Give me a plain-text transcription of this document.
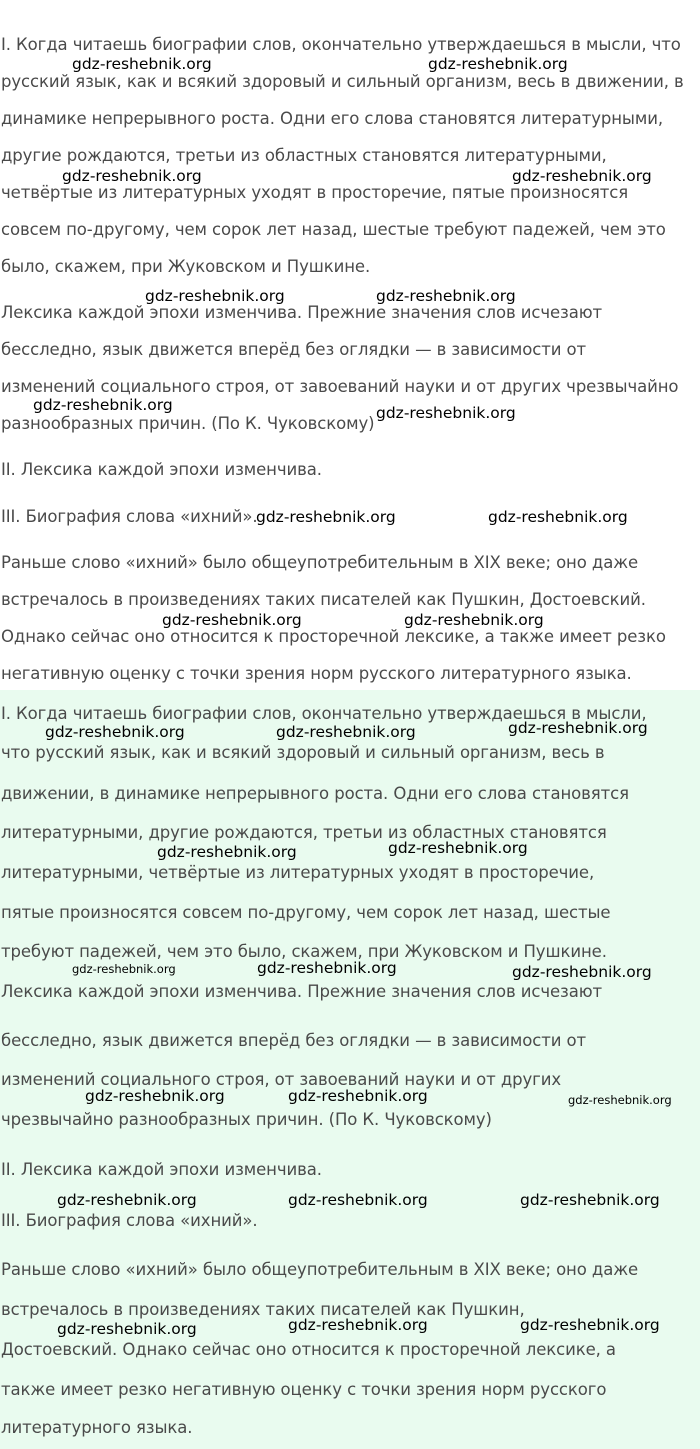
I. Когда читаешь биографии слов, окончательно утверждаешься в мысли, что
русский язык, как и всякий здоровый и сильный организм, весь в движении, в
динамике непрерывного роста. Одни его слова становятся литературными,
другие рождаются, третьи из областных становятся литературными,
четвёртые из литературных уходят в просторечие, пятые произносятся
совсем по-другому, чем сорок лет назад, шестые требуют падежей, чем это
было, скажем, при Жуковском и Пушкине.
Лексика каждой эпохи изменчива. Прежние значения слов исчезают
бесследно, язык движется вперёд без оглядки — в зависимости от
изменений социального строя, от завоеваний науки и от других чрезвычайно
разнообразных причин. (По К. Чуковскому)
II. Лексика каждой эпохи изменчива.
III. Биография слова «ихний».
Раньше слово «ихний» было общеупотребительным в XIX веке; оно даже
встречалось в произведениях таких писателей как Пушкин, Достоевский.
Однако сейчас оно относится к просторечной лексике, а также имеет резко
негативную оценку с точки зрения норм русского литературного языка.
gdz-reshebnik.org	gdz-reshebnik.org
gdz-reshebnik.org	gdz-reshebnik.org
gdz-reshebnik.org	gdz-reshebnik.org
gdz-reshebnik.org	gdz-reshebnik.org
gdz-reshebnik.org	gdz-reshebnik.org
gdz-reshebnik.org	gdz-reshebnik.org
I. Когда читаешь биографии слов, окончательно утверждаешься в мысли,
что русский язык, как и всякий здоровый и сильный организм, весь в
движении, в динамике непрерывного роста. Одни его слова становятся
литературными, другие рождаются, третьи из областных становятся
литературными, четвёртые из литературных уходят в просторечие,
пятые произносятся совсем по-другому, чем сорок лет назад, шестые
требуют падежей, чем это было, скажем, при Жуковском и Пушкине.
Лексика каждой эпохи изменчива. Прежние значения слов исчезают
бесследно, язык движется вперёд без оглядки — в зависимости от
изменений социального строя, от завоеваний науки и от других
чрезвычайно разнообразных причин. (По К. Чуковскому)
II. Лексика каждой эпохи изменчива.
III. Биография слова «ихний».
Раньше слово «ихний» было общеупотребительным в XIX веке; оно даже
встречалось в произведениях таких писателей как Пушкин,
Достоевский. Однако сейчас оно относится к просторечной лексике, а
также имеет резко негативную оценку с точки зрения норм русского
литературного языка.
gdz-reshebnik.org	gdz-reshebnik.org	gdz-reshebnik.org
gdz-reshebnik.org	gdz-reshebnik.org
gdz-reshebnik.org	gdz-reshebnik.org	gdz-reshebnik.org
gdz-reshebnik.org	gdz-reshebnik.org	gdz-reshebnik.org
gdz-reshebnik.org	gdz-reshebnik.org	gdz-reshebnik.org
gdz-reshebnik.org	gdz-reshebnik.org	gdz-reshebnik.org
